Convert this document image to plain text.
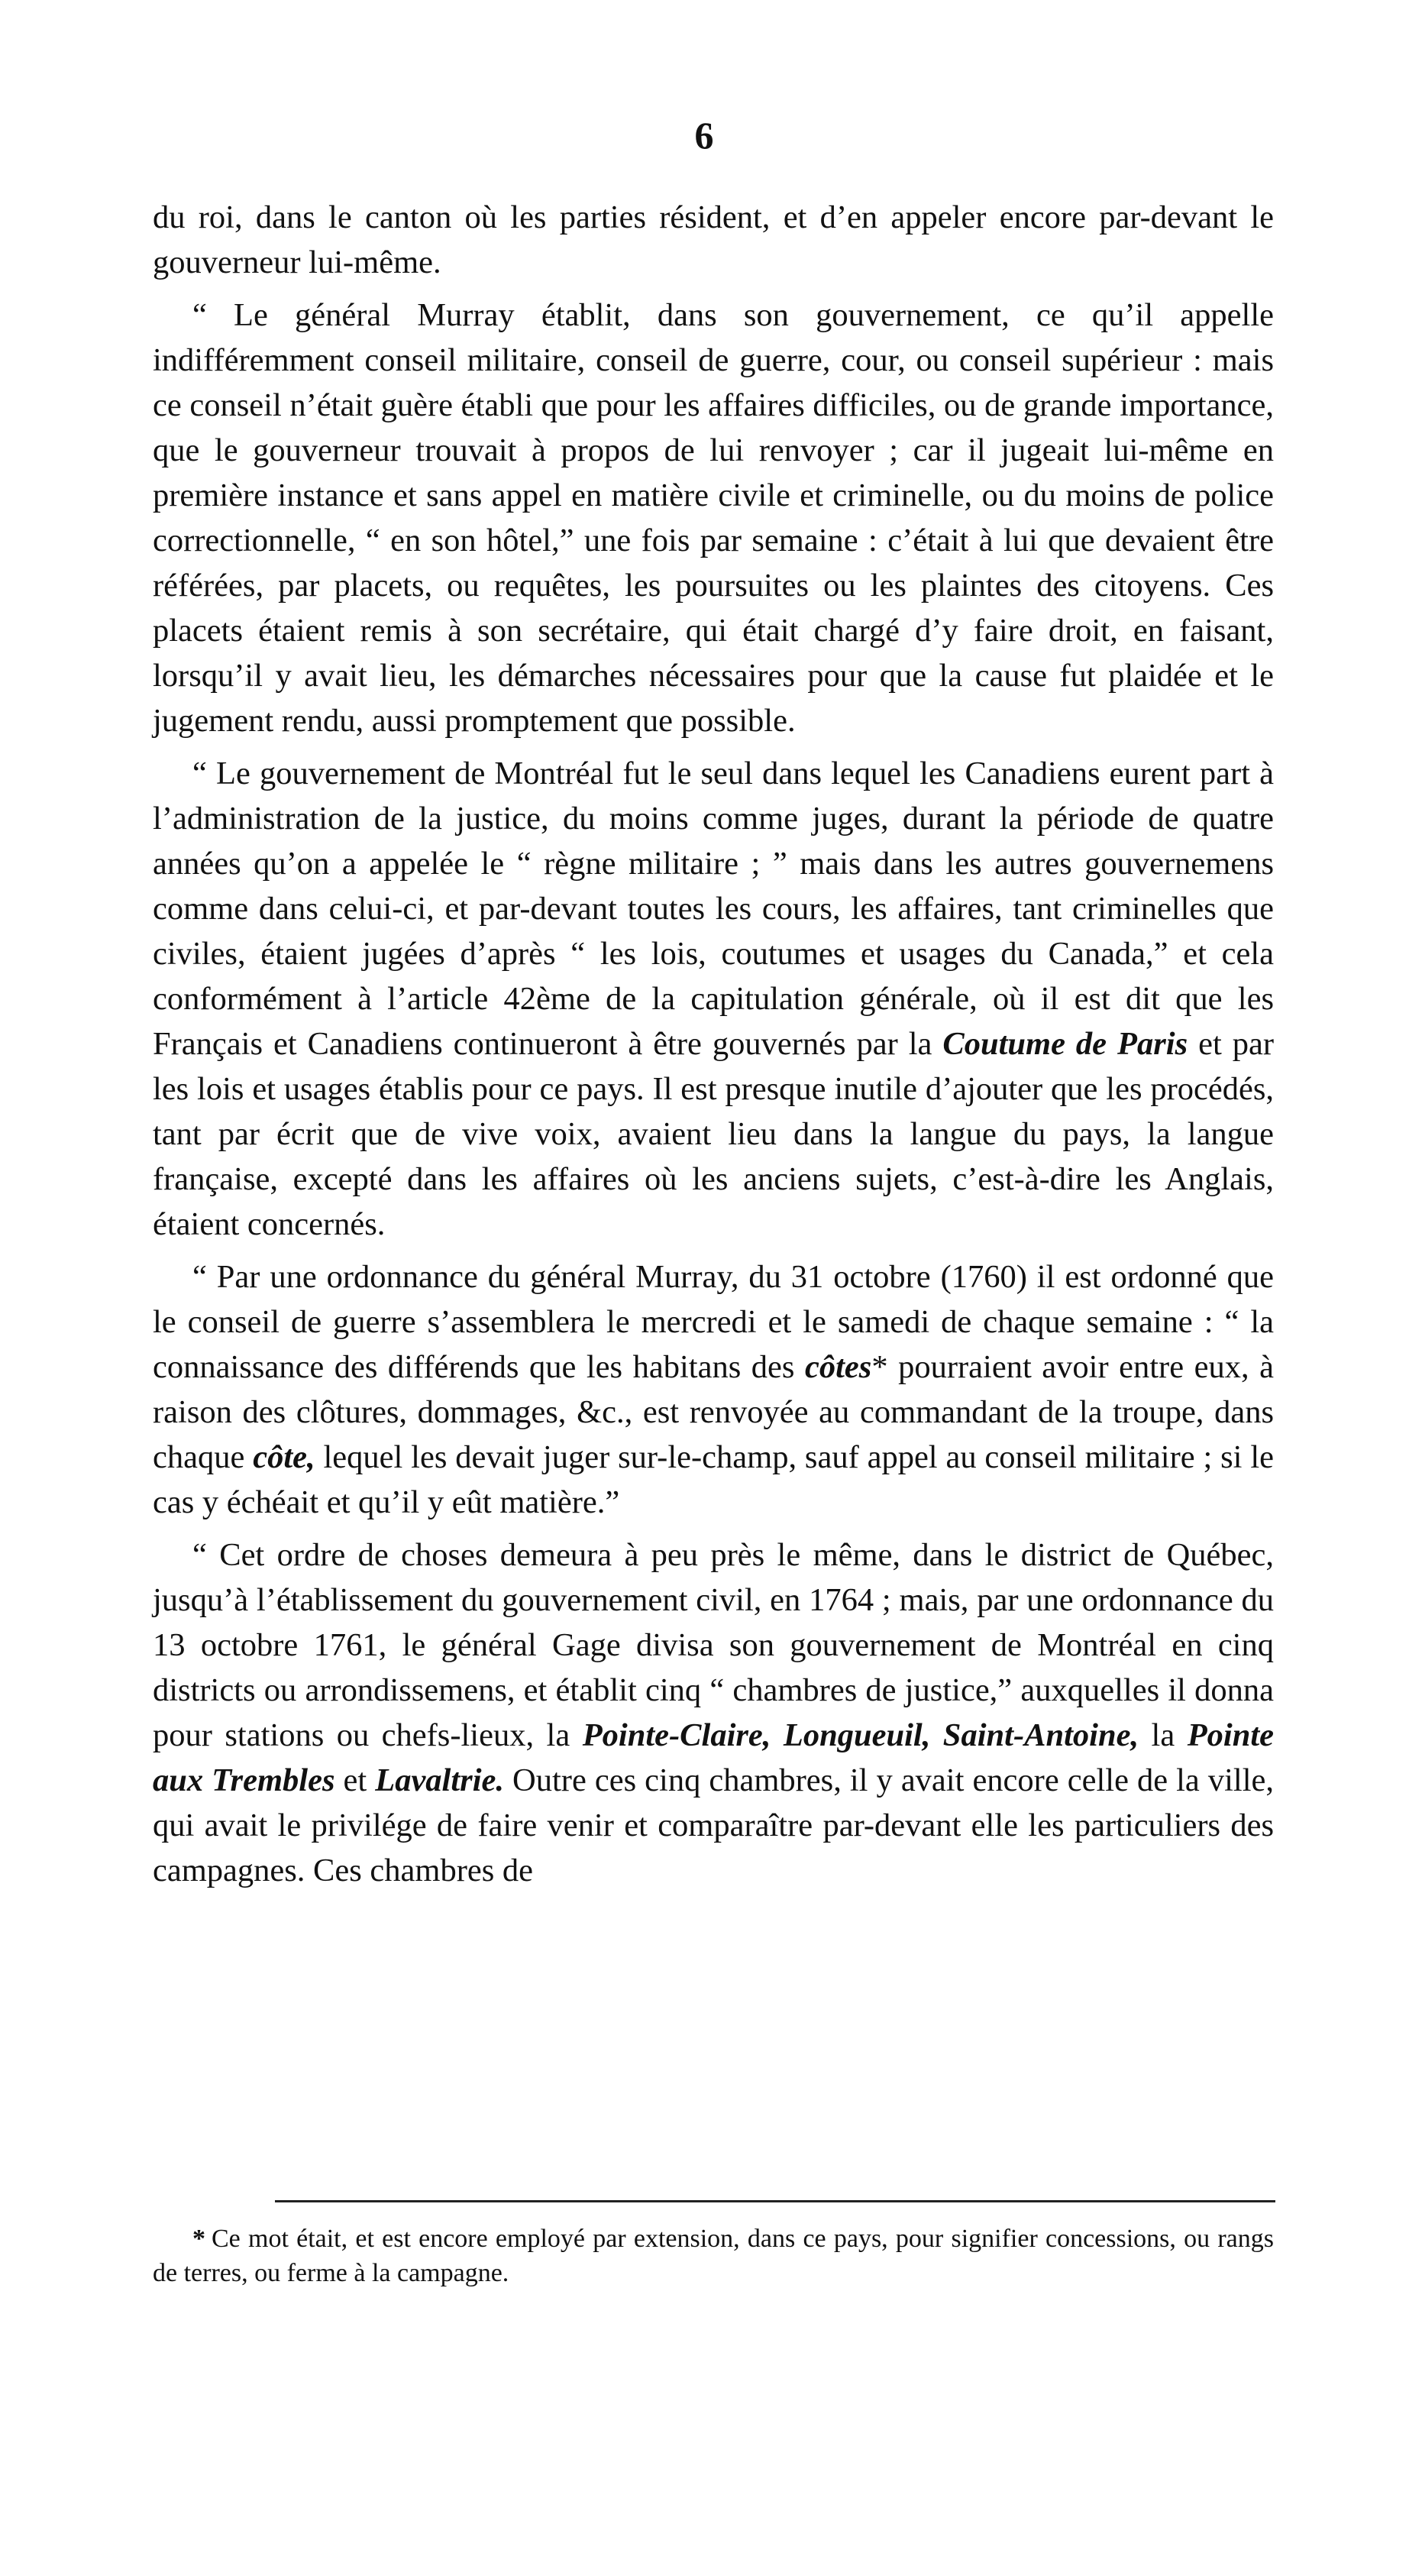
6

du roi, dans le canton où les parties résident, et d’en appeler encore par-devant le gouverneur lui-même.

“ Le général Murray établit, dans son gouvernement, ce qu’il appelle indifféremment conseil militaire, conseil de guerre, cour, ou conseil supérieur : mais ce conseil n’était guère établi que pour les affaires difficiles, ou de grande importance, que le gouverneur trouvait à propos de lui renvoyer ; car il jugeait lui-même en première instance et sans appel en matière civile et criminelle, ou du moins de police correctionnelle, “ en son hôtel,” une fois par semaine : c’était à lui que devaient être référées, par placets, ou requêtes, les poursuites ou les plaintes des citoyens. Ces placets étaient remis à son secrétaire, qui était chargé d’y faire droit, en faisant, lorsqu’il y avait lieu, les démarches nécessaires pour que la cause fut plaidée et le jugement rendu, aussi promptement que possible.

“ Le gouvernement de Montréal fut le seul dans lequel les Canadiens eurent part à l’administration de la justice, du moins comme juges, durant la période de quatre années qu’on a appelée le “ règne militaire ; ” mais dans les autres gouvernemens comme dans celui-ci, et par-devant toutes les cours, les affaires, tant criminelles que civiles, étaient jugées d’après “ les lois, coutumes et usages du Canada,” et cela conformément à l’article 42ème de la capitulation générale, où il est dit que les Français et Canadiens continueront à être gouvernés par la Coutume de Paris et par les lois et usages établis pour ce pays. Il est presque inutile d’ajouter que les procédés, tant par écrit que de vive voix, avaient lieu dans la langue du pays, la langue française, excepté dans les affaires où les anciens sujets, c’est-à-dire les Anglais, étaient concernés.

“ Par une ordonnance du général Murray, du 31 octobre (1760) il est ordonné que le conseil de guerre s’assemblera le mercredi et le samedi de chaque semaine : “ la connaissance des différends que les habitans des côtes* pourraient avoir entre eux, à raison des clôtures, dommages, &c., est renvoyée au commandant de la troupe, dans chaque côte, lequel les devait juger sur-le-champ, sauf appel au conseil militaire ; si le cas y échéait et qu’il y eût matière.”

“ Cet ordre de choses demeura à peu près le même, dans le district de Québec, jusqu’à l’établissement du gouvernement civil, en 1764 ; mais, par une ordonnance du 13 octobre 1761, le général Gage divisa son gouvernement de Montréal en cinq districts ou arrondissemens, et établit cinq “ chambres de justice,” auxquelles il donna pour stations ou chefs-lieux, la Pointe-Claire, Longueuil, Saint-Antoine, la Pointe aux Trembles et Lavaltrie. Outre ces cinq chambres, il y avait encore celle de la ville, qui avait le privilége de faire venir et comparaître par-devant elle les particuliers des campagnes. Ces chambres de

* Ce mot était, et est encore employé par extension, dans ce pays, pour signifier concessions, ou rangs de terres, ou ferme à la campagne.
